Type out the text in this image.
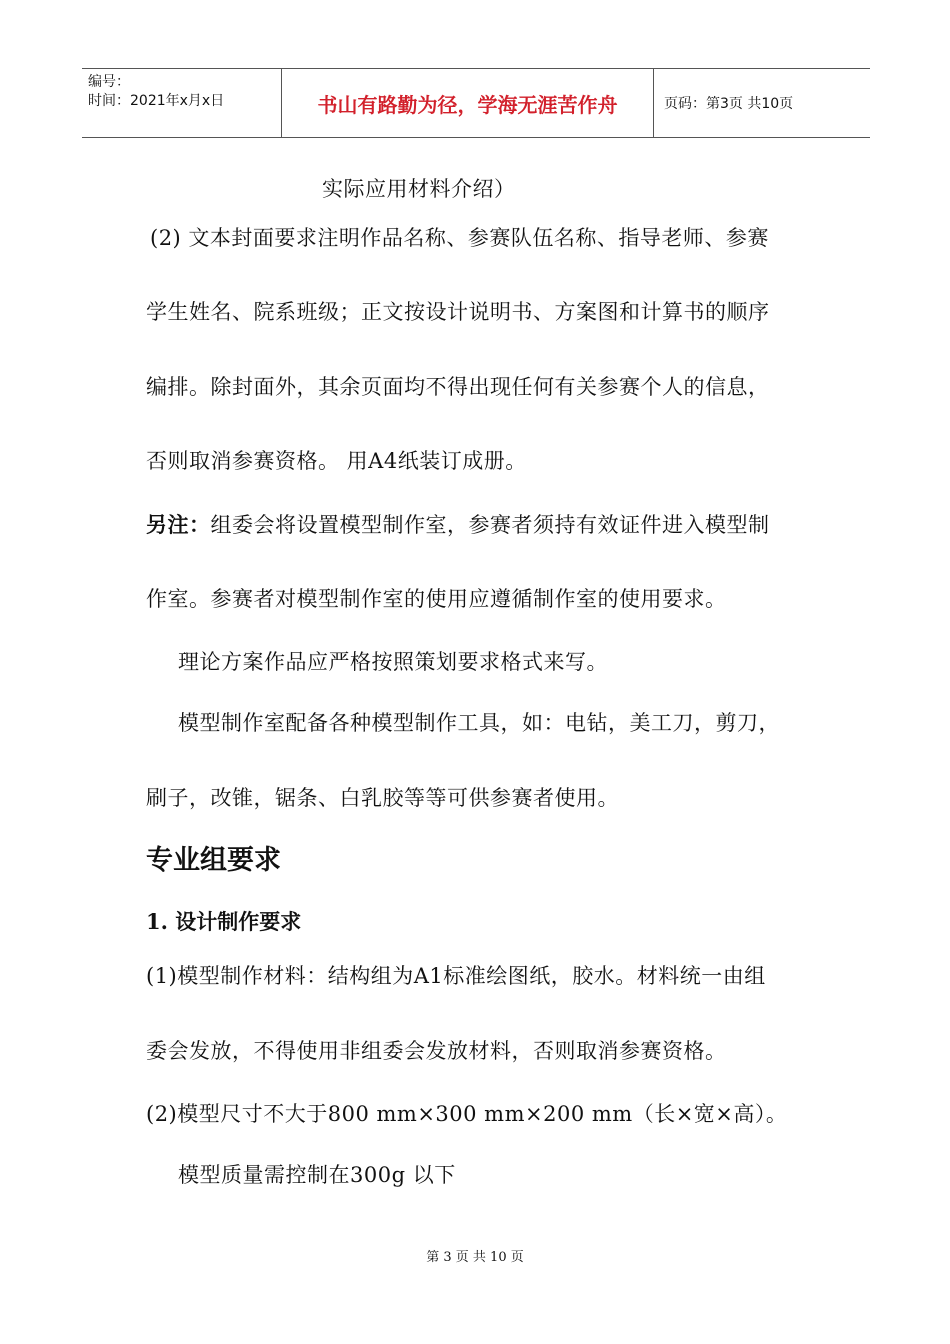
编号：
时间：2021年x月x日	书山有路勤为径，学海无涯苦作舟	页码：第3页 共10页
实际应用材料介绍）
(2) 文本封面要求注明作品名称、参赛队伍名称、指导老师、参赛
学生姓名、院系班级；正文按设计说明书、方案图和计算书的顺序
编排。除封面外，其余页面均不得出现任何有关参赛个人的信息，
否则取消参赛资格。 用A4纸装订成册。
另注：组委会将设置模型制作室，参赛者须持有效证件进入模型制
作室。参赛者对模型制作室的使用应遵循制作室的使用要求。
理论方案作品应严格按照策划要求格式来写。
模型制作室配备各种模型制作工具，如：电钻，美工刀，剪刀，
刷子，改锥，锯条、白乳胶等等可供参赛者使用。
专业组要求
1. 设计制作要求
(1)模型制作材料：结构组为A1标准绘图纸，胶水。材料统一由组
委会发放，不得使用非组委会发放材料，否则取消参赛资格。
(2)模型尺寸不大于800 mm×300 mm×200 mm（长×宽×高）。
模型质量需控制在300g 以下
第 3 页 共 10 页
